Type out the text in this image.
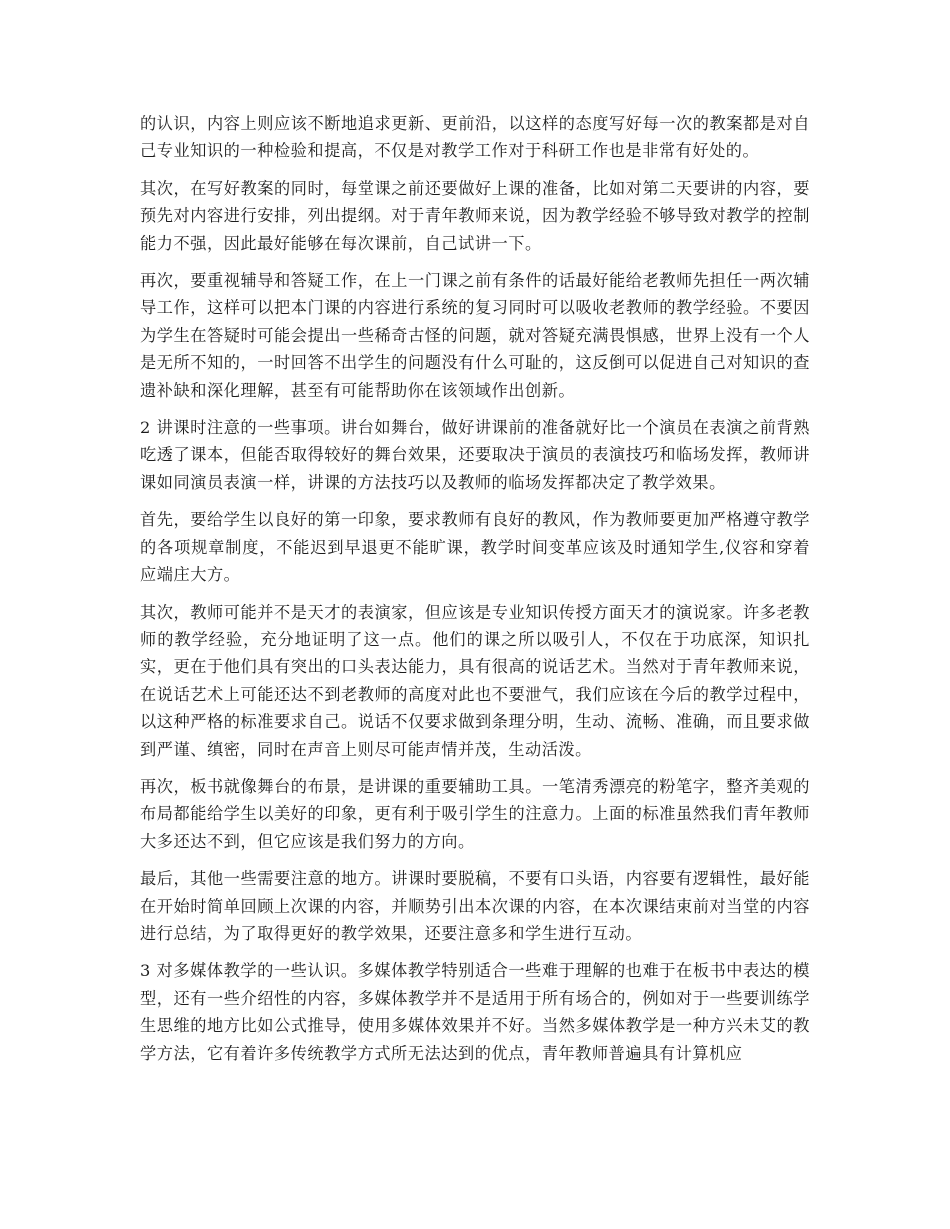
的认识，内容上则应该不断地追求更新、更前沿，以这样的态度写好每一次的教案都是对自己专业知识的一种检验和提高，不仅是对教学工作对于科研工作也是非常有好处的。

其次，在写好教案的同时，每堂课之前还要做好上课的准备，比如对第二天要讲的内容，要预先对内容进行安排，列出提纲。对于青年教师来说，因为教学经验不够导致对教学的控制能力不强，因此最好能够在每次课前，自己试讲一下。

再次，要重视辅导和答疑工作，在上一门课之前有条件的话最好能给老教师先担任一两次辅导工作，这样可以把本门课的内容进行系统的复习同时可以吸收老教师的教学经验。不要因为学生在答疑时可能会提出一些稀奇古怪的问题，就对答疑充满畏惧感，世界上没有一个人是无所不知的，一时回答不出学生的问题没有什么可耻的，这反倒可以促进自己对知识的查遗补缺和深化理解，甚至有可能帮助你在该领域作出创新。

2 讲课时注意的一些事项。讲台如舞台，做好讲课前的准备就好比一个演员在表演之前背熟吃透了课本，但能否取得较好的舞台效果，还要取决于演员的表演技巧和临场发挥，教师讲课如同演员表演一样，讲课的方法技巧以及教师的临场发挥都决定了教学效果。

首先，要给学生以良好的第一印象，要求教师有良好的教风，作为教师要更加严格遵守教学的各项规章制度，不能迟到早退更不能旷课，教学时间变革应该及时通知学生,仪容和穿着应端庄大方。

其次，教师可能并不是天才的表演家，但应该是专业知识传授方面天才的演说家。许多老教师的教学经验，充分地证明了这一点。他们的课之所以吸引人，不仅在于功底深，知识扎实，更在于他们具有突出的口头表达能力，具有很高的说话艺术。当然对于青年教师来说，在说话艺术上可能还达不到老教师的高度对此也不要泄气，我们应该在今后的教学过程中，以这种严格的标准要求自己。说话不仅要求做到条理分明，生动、流畅、准确，而且要求做到严谨、缜密，同时在声音上则尽可能声情并茂，生动活泼。

再次，板书就像舞台的布景，是讲课的重要辅助工具。一笔清秀漂亮的粉笔字，整齐美观的布局都能给学生以美好的印象，更有利于吸引学生的注意力。上面的标准虽然我们青年教师大多还达不到，但它应该是我们努力的方向。

最后，其他一些需要注意的地方。讲课时要脱稿，不要有口头语，内容要有逻辑性，最好能在开始时简单回顾上次课的内容，并顺势引出本次课的内容，在本次课结束前对当堂的内容进行总结，为了取得更好的教学效果，还要注意多和学生进行互动。

3 对多媒体教学的一些认识。多媒体教学特别适合一些难于理解的也难于在板书中表达的模型，还有一些介绍性的内容，多媒体教学并不是适用于所有场合的，例如对于一些要训练学生思维的地方比如公式推导，使用多媒体效果并不好。当然多媒体教学是一种方兴未艾的教学方法，它有着许多传统教学方式所无法达到的优点，青年教师普遍具有计算机应
